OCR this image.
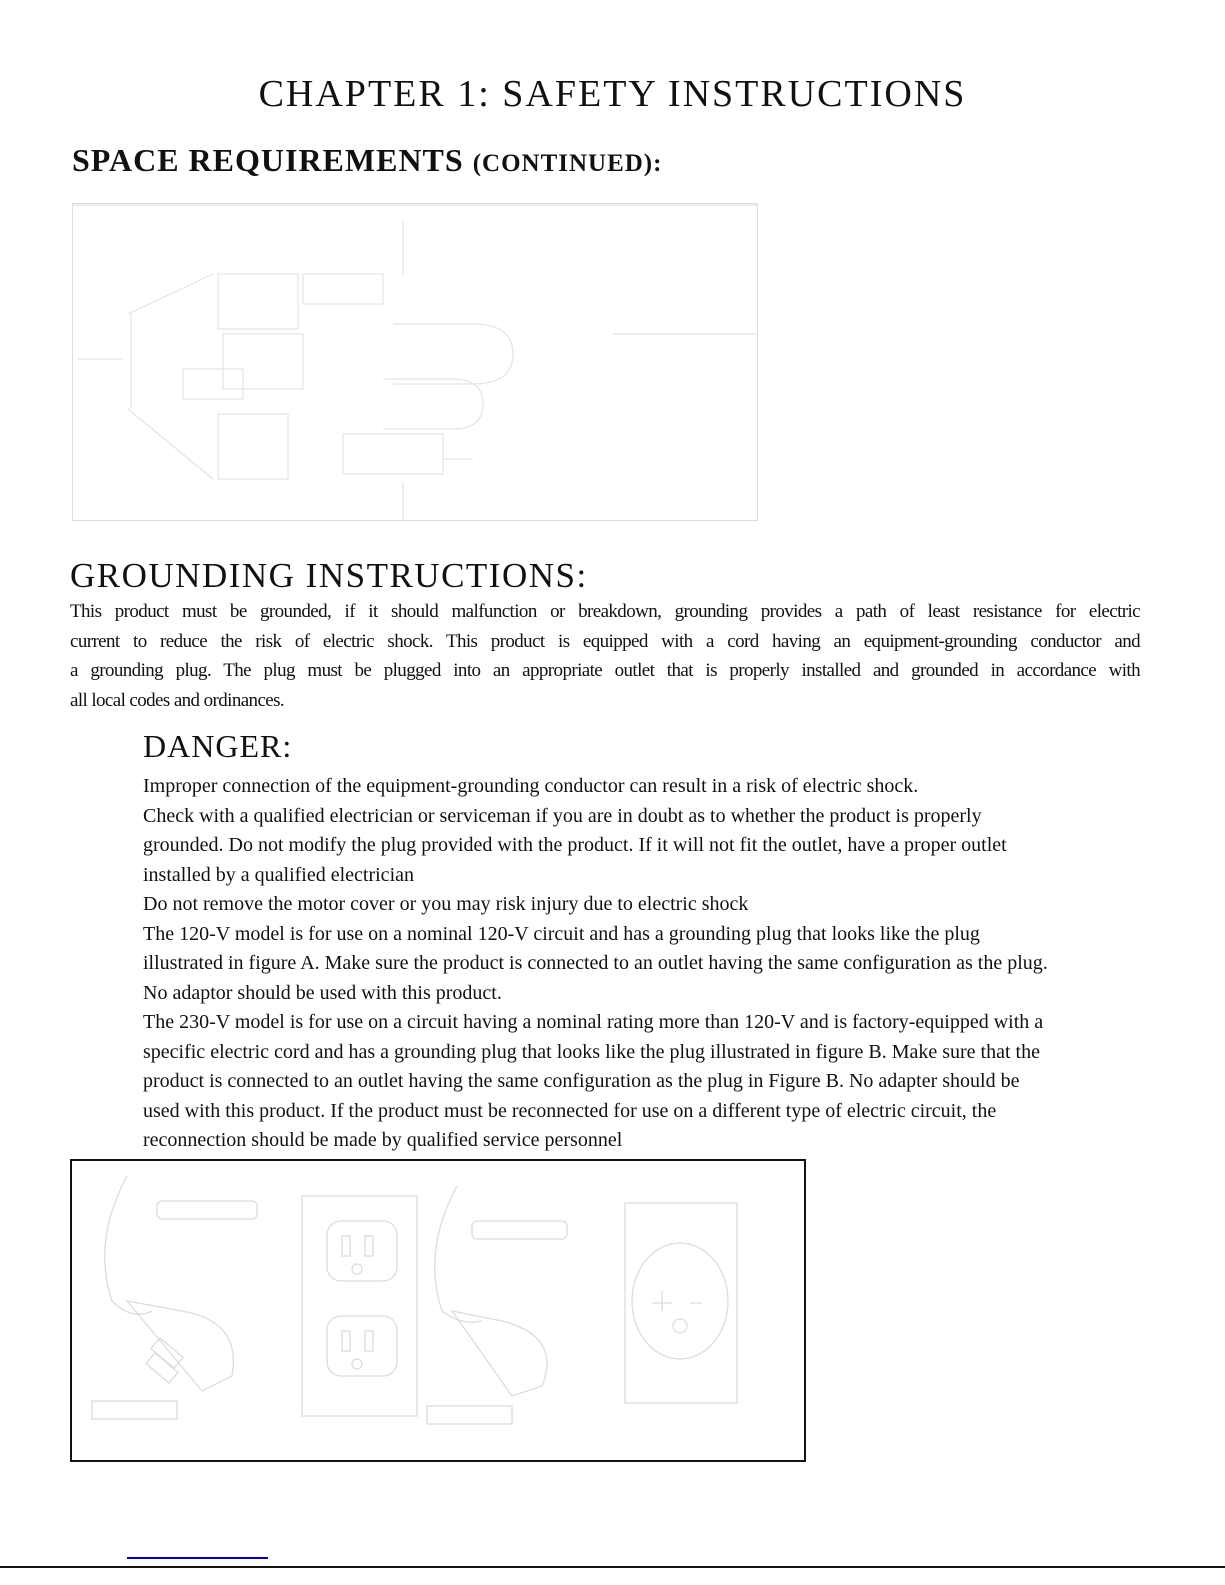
CHAPTER 1: SAFETY INSTRUCTIONS
SPACE REQUIREMENTS (CONTINUED):
GROUNDING INSTRUCTIONS:
This product must be grounded, if it should malfunction or breakdown, grounding provides a path of least resistance for electric
current to reduce the risk of electric shock. This product is equipped with a cord having an equipment-grounding conductor and
a grounding plug. The plug must be plugged into an appropriate outlet that is properly installed and grounded in accordance with
all local codes and ordinances.
DANGER:
Improper connection of the equipment-grounding conductor can result in a risk of electric shock.
Check with a qualified electrician or serviceman if you are in doubt as to whether the product is properly
grounded. Do not modify the plug provided with the product. If it will not fit the outlet, have a proper outlet
installed by a qualified electrician
Do not remove the motor cover or you may risk injury due to electric shock
The 120-V model is for use on a nominal 120-V circuit and has a grounding plug that looks like the plug
illustrated in figure A. Make sure the product is connected to an outlet having the same configuration as the plug.
No adaptor should be used with this product.
The 230-V model is for use on a circuit having a nominal rating more than 120-V and is factory-equipped with a
specific electric cord and has a grounding plug that looks like the plug illustrated in figure B. Make sure that the
product is connected to an outlet having the same configuration as the plug in Figure B. No adapter should be
used with this product. If the product must be reconnected for use on a different type of electric circuit, the
reconnection should be made by qualified service personnel
